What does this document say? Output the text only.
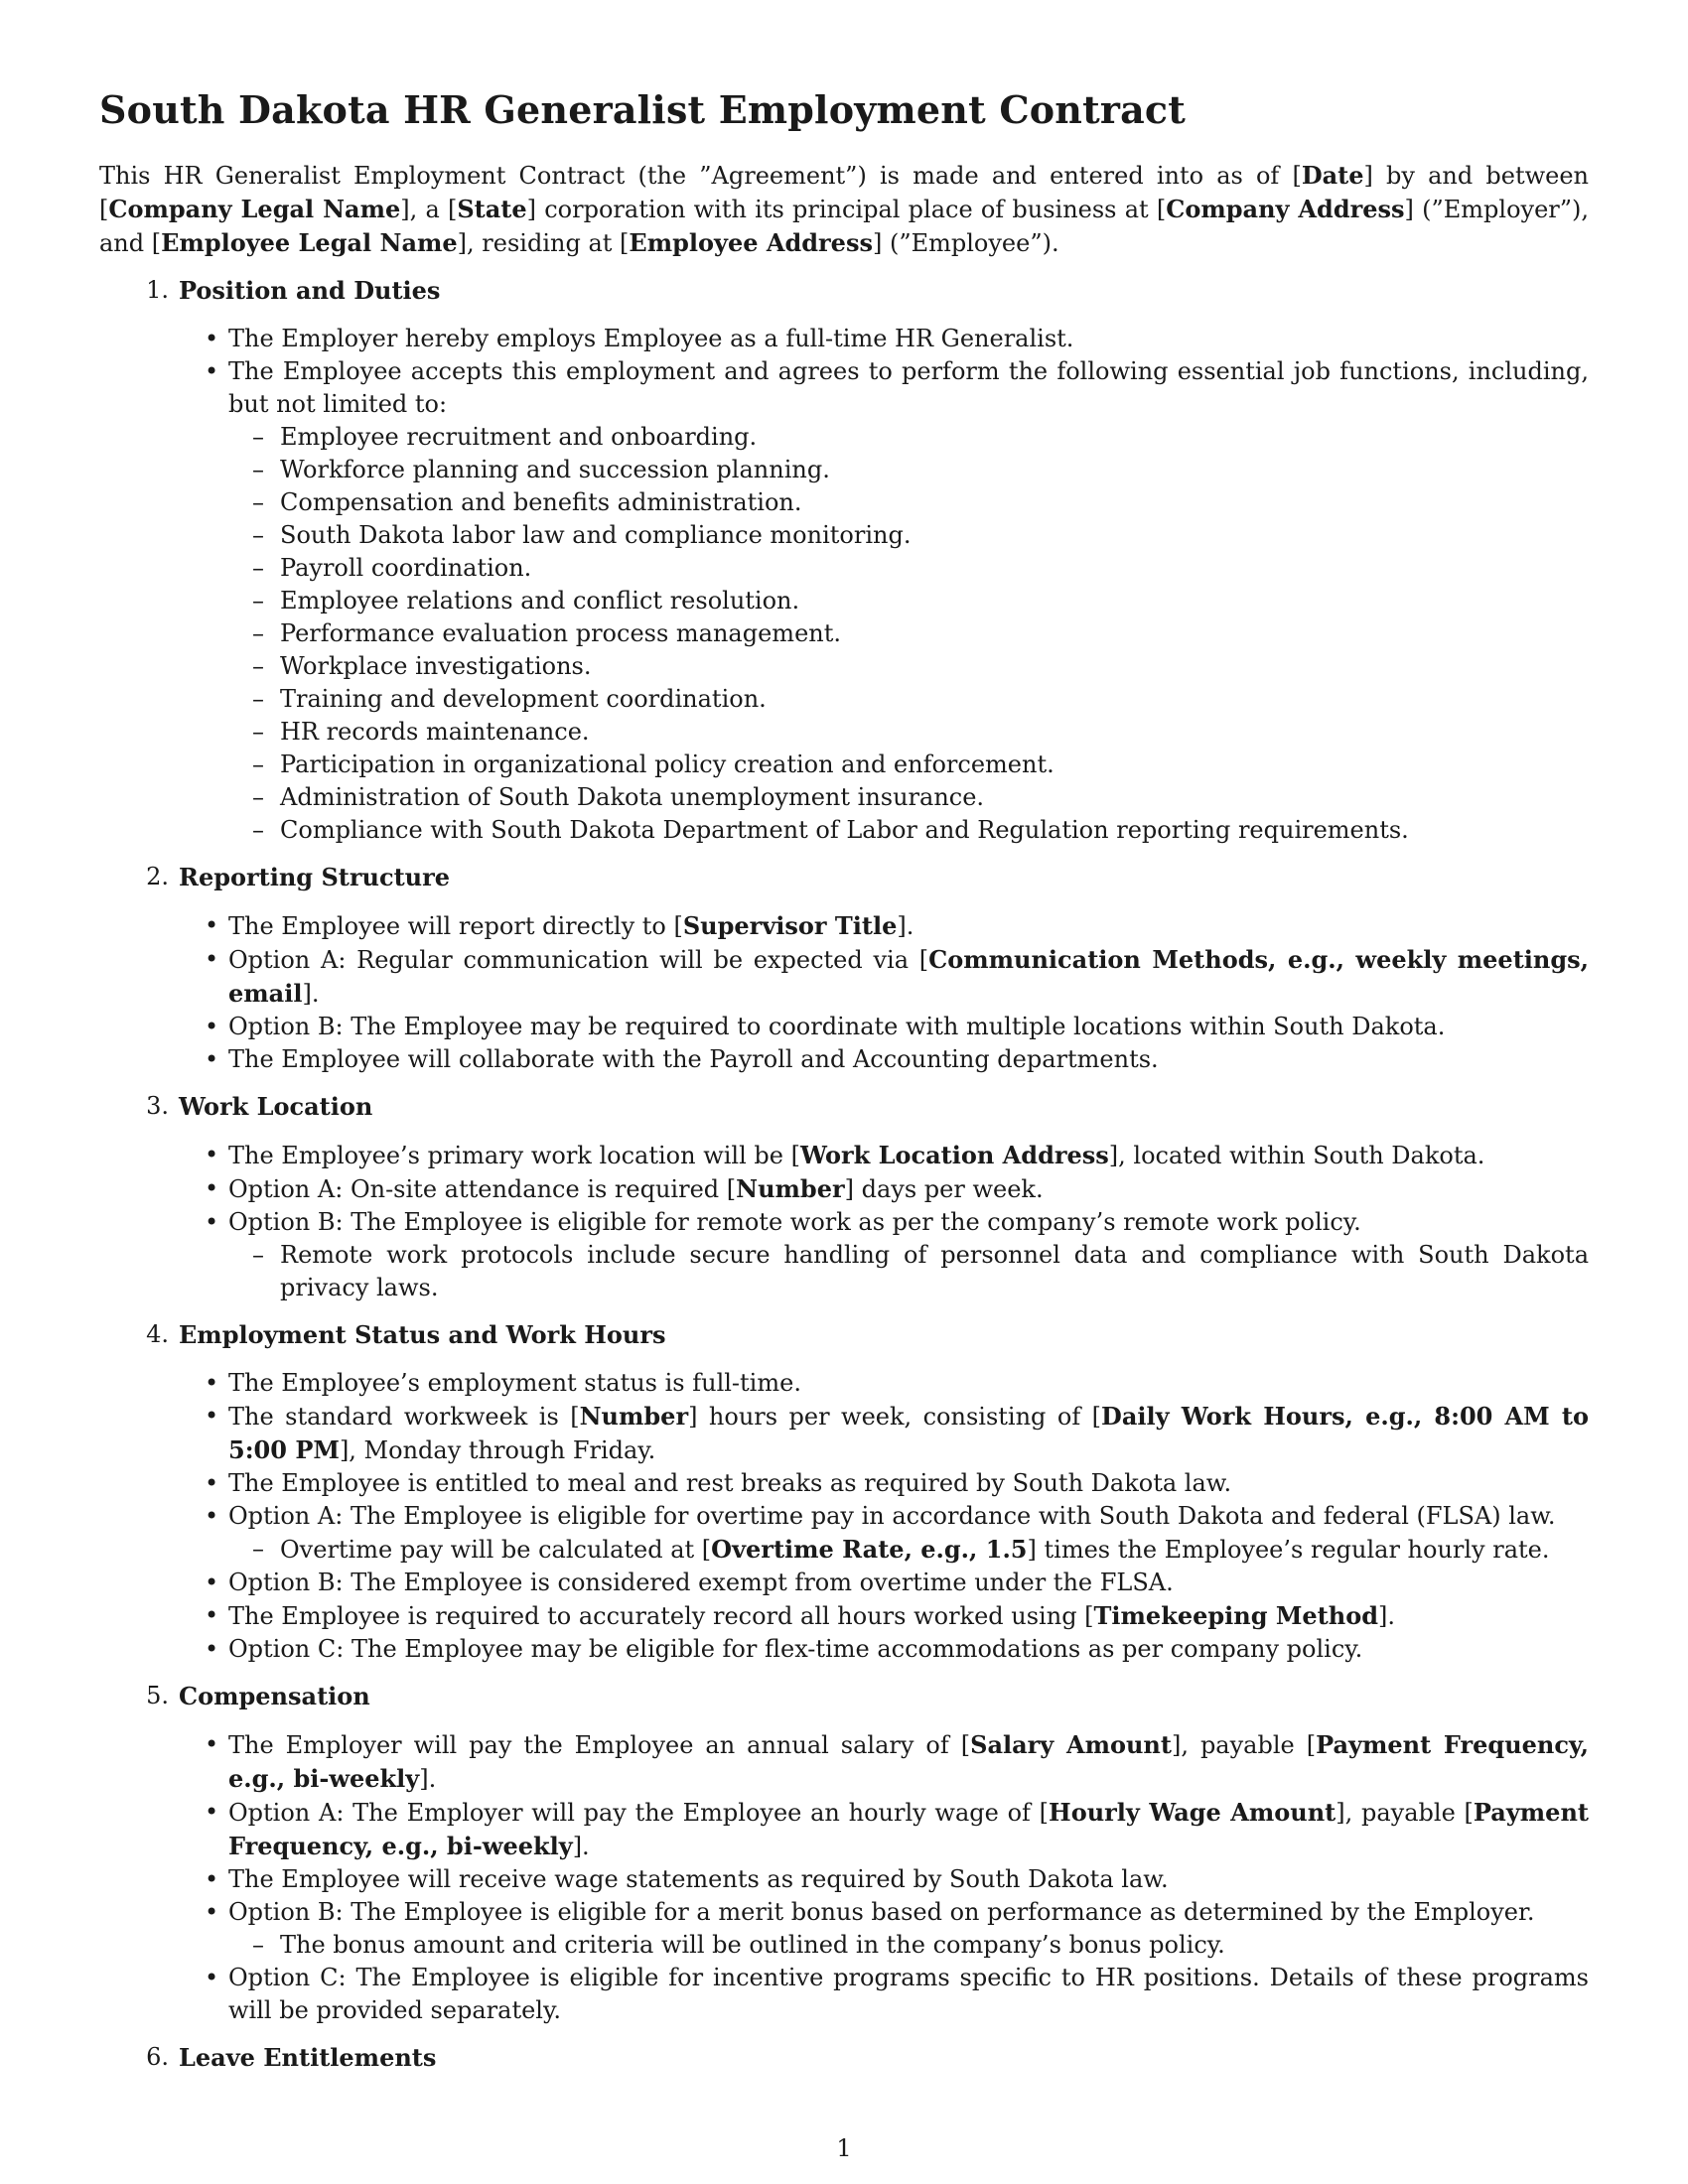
South Dakota HR Generalist Employment Contract

This HR Generalist Employment Contract (the ”Agreement”) is made and entered into as of [Date] by and between [Company Legal Name], a [State] corporation with its principal place of business at [Company Address] (”Employer”), and [Employee Legal Name], residing at [Employee Address] (”Employee”).

1. Position and Duties
• The Employer hereby employs Employee as a full-time HR Generalist.
• The Employee accepts this employment and agrees to perform the following essential job functions, including, but not limited to:
– Employee recruitment and onboarding.
– Workforce planning and succession planning.
– Compensation and benefits administration.
– South Dakota labor law and compliance monitoring.
– Payroll coordination.
– Employee relations and conflict resolution.
– Performance evaluation process management.
– Workplace investigations.
– Training and development coordination.
– HR records maintenance.
– Participation in organizational policy creation and enforcement.
– Administration of South Dakota unemployment insurance.
– Compliance with South Dakota Department of Labor and Regulation reporting requirements.
2. Reporting Structure
• The Employee will report directly to [Supervisor Title].
• Option A: Regular communication will be expected via [Communication Methods, e.g., weekly meetings, email].
• Option B: The Employee may be required to coordinate with multiple locations within South Dakota.
• The Employee will collaborate with the Payroll and Accounting departments.
3. Work Location
• The Employee’s primary work location will be [Work Location Address], located within South Dakota.
• Option A: On-site attendance is required [Number] days per week.
• Option B: The Employee is eligible for remote work as per the company’s remote work policy.
– Remote work protocols include secure handling of personnel data and compliance with South Dakota privacy laws.
4. Employment Status and Work Hours
• The Employee’s employment status is full-time.
• The standard workweek is [Number] hours per week, consisting of [Daily Work Hours, e.g., 8:00 AM to 5:00 PM], Monday through Friday.
• The Employee is entitled to meal and rest breaks as required by South Dakota law.
• Option A: The Employee is eligible for overtime pay in accordance with South Dakota and federal (FLSA) law.
– Overtime pay will be calculated at [Overtime Rate, e.g., 1.5] times the Employee’s regular hourly rate.
• Option B: The Employee is considered exempt from overtime under the FLSA.
• The Employee is required to accurately record all hours worked using [Timekeeping Method].
• Option C: The Employee may be eligible for flex-time accommodations as per company policy.
5. Compensation
• The Employer will pay the Employee an annual salary of [Salary Amount], payable [Payment Frequency, e.g., bi-weekly].
• Option A: The Employer will pay the Employee an hourly wage of [Hourly Wage Amount], payable [Payment Frequency, e.g., bi-weekly].
• The Employee will receive wage statements as required by South Dakota law.
• Option B: The Employee is eligible for a merit bonus based on performance as determined by the Employer.
– The bonus amount and criteria will be outlined in the company’s bonus policy.
• Option C: The Employee is eligible for incentive programs specific to HR positions. Details of these programs will be provided separately.
6. Leave Entitlements
1
